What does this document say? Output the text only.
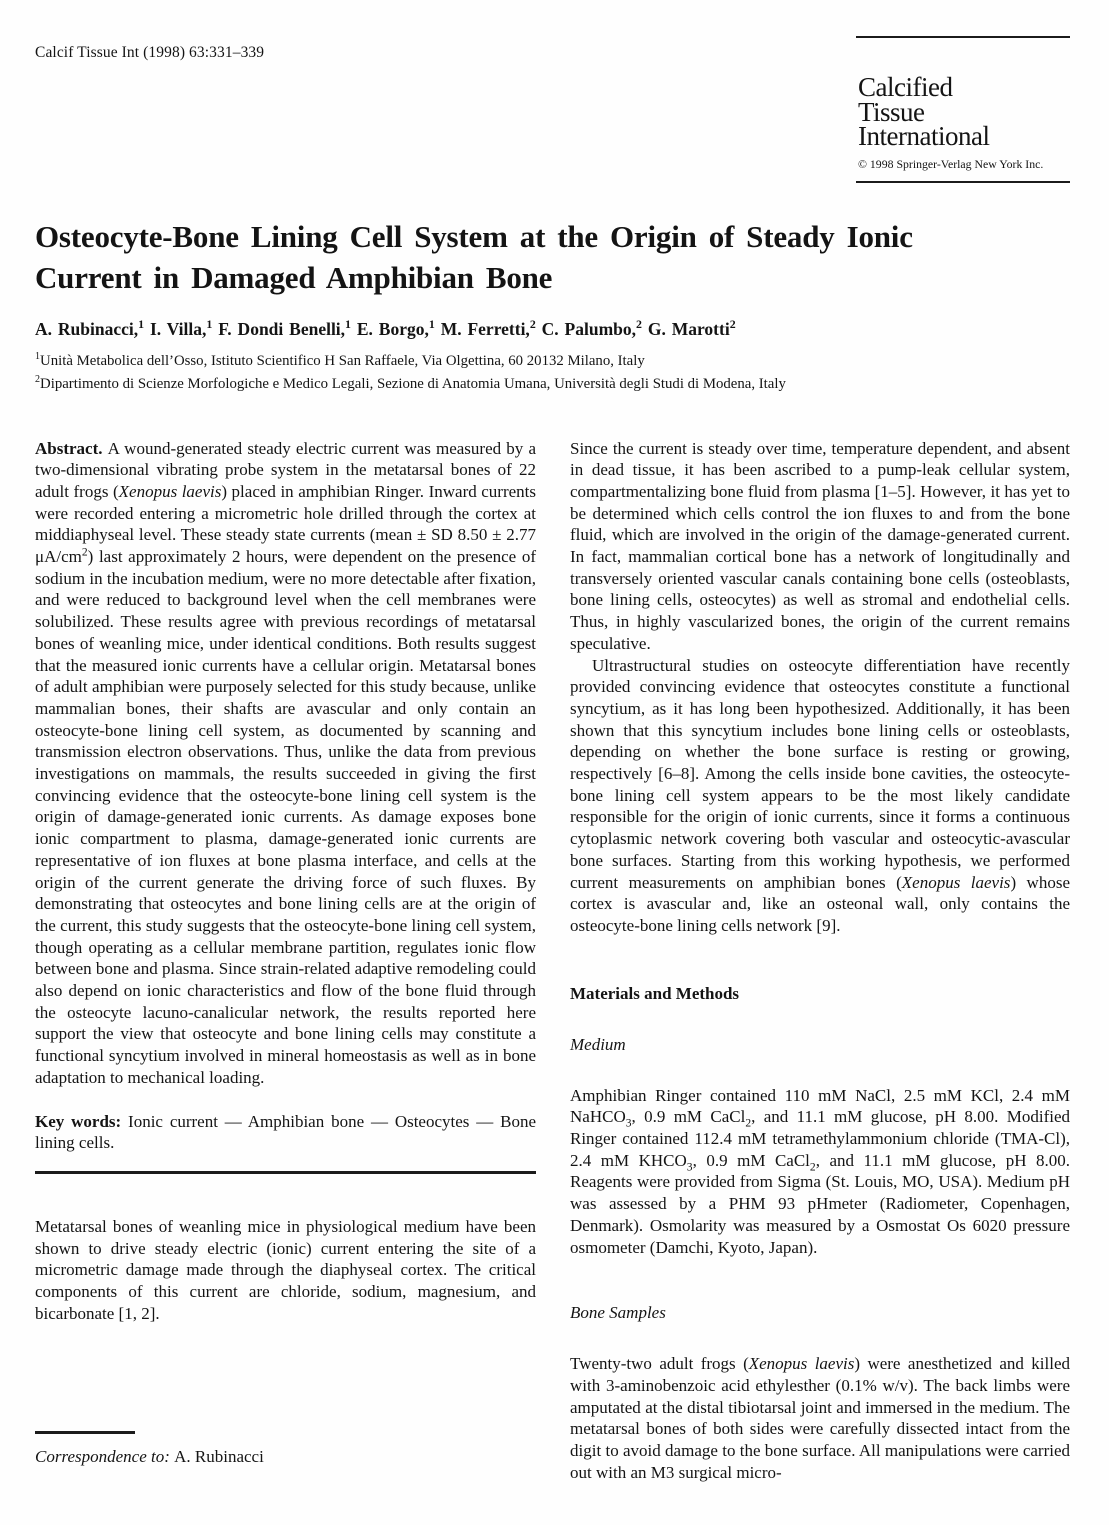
Calcif Tissue Int (1998) 63:331–339
Calcified
Tissue
International
© 1998 Springer-Verlag New York Inc.
Osteocyte-Bone Lining Cell System at the Origin of Steady Ionic Current in Damaged Amphibian Bone
A. Rubinacci,$^1$ I. Villa,$^1$ F. Dondi Benelli,$^1$ E. Borgo,$^1$ M. Ferretti,$^2$ C. Palumbo,$^2$ G. Marotti$^2$
$^1$Unità Metabolica dell’Osso, Istituto Scientifico H San Raffaele, Via Olgettina, 60 20132 Milano, Italy
$^2$Dipartimento di Scienze Morfologiche e Medico Legali, Sezione di Anatomia Umana, Università degli Studi di Modena, Italy

Abstract. A wound-generated steady electric current was measured by a two-dimensional vibrating probe system in the metatarsal bones of 22 adult frogs (Xenopus laevis) placed in amphibian Ringer. Inward currents were recorded entering a micrometric hole drilled through the cortex at middiaphyseal level. These steady state currents (mean ± SD 8.50 ± 2.77 $\mu A/cm^2$) last approximately 2 hours, were dependent on the presence of sodium in the incubation medium, were no more detectable after fixation, and were reduced to background level when the cell membranes were solubilized. These results agree with previous recordings of metatarsal bones of weanling mice, under identical conditions. Both results suggest that the measured ionic currents have a cellular origin. Metatarsal bones of adult amphibian were purposely selected for this study because, unlike mammalian bones, their shafts are avascular and only contain an osteocyte-bone lining cell system, as documented by scanning and transmission electron observations. Thus, unlike the data from previous investigations on mammals, the results succeeded in giving the first convincing evidence that the osteocyte-bone lining cell system is the origin of damage-generated ionic currents. As damage exposes bone ionic compartment to plasma, damage-generated ionic currents are representative of ion fluxes at bone plasma interface, and cells at the origin of the current generate the driving force of such fluxes. By demonstrating that osteocytes and bone lining cells are at the origin of the current, this study suggests that the osteocyte-bone lining cell system, though operating as a cellular membrane partition, regulates ionic flow between bone and plasma. Since strain-related adaptive remodeling could also depend on ionic characteristics and flow of the bone fluid through the osteocyte lacuno-canalicular network, the results reported here support the view that osteocyte and bone lining cells may constitute a functional syncytium involved in mineral homeostasis as well as in bone adaptation to mechanical loading.

Key words: Ionic current — Amphibian bone — Osteocytes — Bone lining cells.

Metatarsal bones of weanling mice in physiological medium have been shown to drive steady electric (ionic) current entering the site of a micrometric damage made through the diaphyseal cortex. The critical components of this current are chloride, sodium, magnesium, and bicarbonate [1, 2].

Correspondence to: A. Rubinacci

Since the current is steady over time, temperature dependent, and absent in dead tissue, it has been ascribed to a pump-leak cellular system, compartmentalizing bone fluid from plasma [1–5]. However, it has yet to be determined which cells control the ion fluxes to and from the bone fluid, which are involved in the origin of the damage-generated current. In fact, mammalian cortical bone has a network of longitudinally and transversely oriented vascular canals containing bone cells (osteoblasts, bone lining cells, osteocytes) as well as stromal and endothelial cells. Thus, in highly vascularized bones, the origin of the current remains speculative.

Ultrastructural studies on osteocyte differentiation have recently provided convincing evidence that osteocytes constitute a functional syncytium, as it has long been hypothesized. Additionally, it has been shown that this syncytium includes bone lining cells or osteoblasts, depending on whether the bone surface is resting or growing, respectively [6–8]. Among the cells inside bone cavities, the osteocyte-bone lining cell system appears to be the most likely candidate responsible for the origin of ionic currents, since it forms a continuous cytoplasmic network covering both vascular and osteocytic-avascular bone surfaces. Starting from this working hypothesis, we performed current measurements on amphibian bones (Xenopus laevis) whose cortex is avascular and, like an osteonal wall, only contains the osteocyte-bone lining cells network [9].

Materials and Methods
Medium

Amphibian Ringer contained 110 mM NaCl, 2.5 mM KCl, 2.4 mM NaHCO$_3$, 0.9 mM CaCl$_2$, and 11.1 mM glucose, pH 8.00. Modified Ringer contained 112.4 mM tetramethylammonium chloride (TMA-Cl), 2.4 mM $KHCO_3$, 0.9 mM CaCl$_2$, and 11.1 mM glucose, pH 8.00. Reagents were provided from Sigma (St. Louis, MO, USA). Medium pH was assessed by a PHM 93 pHmeter (Radiometer, Copenhagen, Denmark). Osmolarity was measured by a Osmostat Os 6020 pressure osmometer (Damchi, Kyoto, Japan).

Bone Samples

Twenty-two adult frogs (Xenopus laevis) were anesthetized and killed with 3-aminobenzoic acid ethylesther (0.1% w/v). The back limbs were amputated at the distal tibiotarsal joint and immersed in the medium. The metatarsal bones of both sides were carefully dissected intact from the digit to avoid damage to the bone surface. All manipulations were carried out with an M3 surgical micro-
